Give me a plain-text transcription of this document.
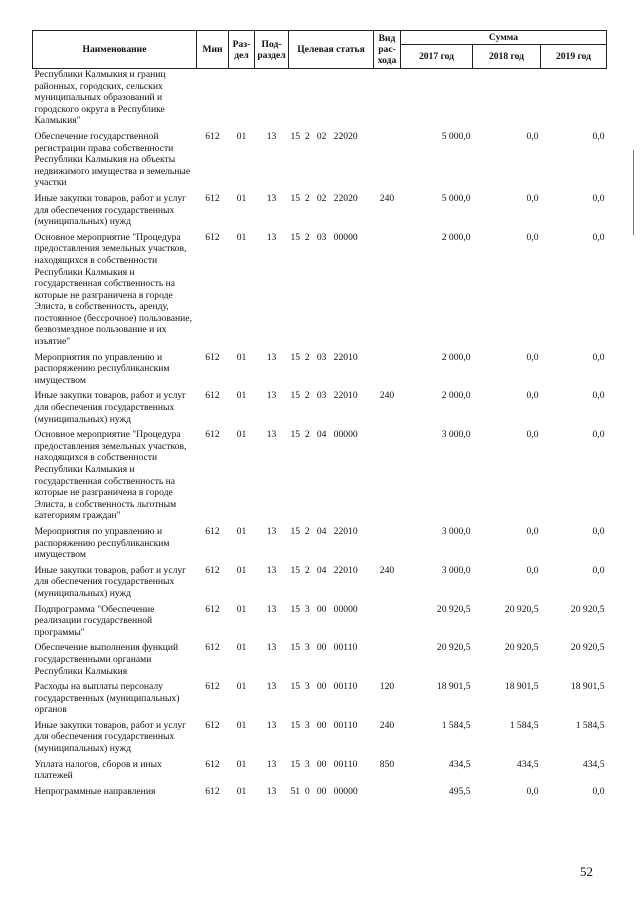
Наименование	Мин	Раз-дел	Под-раздел	Целевая статья	Вид рас-хода	Сумма		
						2017 год	2018 год	2019 год
Республики Калмыкия и границ районных, городских, сельских муниципальных образований и городского округа в Республике Калмыкия"								
Обеспечение государственной регистрации права собственности Республики Калмыкия на объекты недвижимого имущества и земельные участки	612	01	13	15  2   02   22020		5 000,0	0,0	0,0
Иные закупки товаров, работ и услуг для обеспечения государственных (муниципальных) нужд	612	01	13	15  2   02   22020	240	5 000,0	0,0	0,0
Основное мероприятие "Процедура предоставления земельных участков, находящихся в собственности Республики Калмыкия и государственная собственность на которые не разграничена в городе Элиста, в собственность, аренду, постоянное (бессрочное) пользование, безвозмездное пользование и их изъятие"	612	01	13	15  2   03   00000		2 000,0	0,0	0,0
Мероприятия по управлению и распоряжению республиканским имуществом	612	01	13	15  2   03   22010		2 000,0	0,0	0,0
Иные закупки товаров, работ и услуг для обеспечения государственных (муниципальных) нужд	612	01	13	15  2   03   22010	240	2 000,0	0,0	0,0
Основное мероприятие "Процедура предоставления земельных участков, находящихся в собственности Республики Калмыкия и государственная собственность на которые не разграничена в городе Элиста, в собственность льготным категориям граждан"	612	01	13	15  2   04   00000		3 000,0	0,0	0,0
Мероприятия по управлению и распоряжению республиканским имуществом	612	01	13	15  2   04   22010		3 000,0	0,0	0,0
Иные закупки товаров, работ и услуг для обеспечения государственных (муниципальных) нужд	612	01	13	15  2   04   22010	240	3 000,0	0,0	0,0
Подпрограмма "Обеспечение реализации государственной программы"	612	01	13	15  3   00   00000		20 920,5	20 920,5	20 920,5
Обеспечение выполнения функций государственными органами Республики Калмыкия	612	01	13	15  3   00   00110		20 920,5	20 920,5	20 920,5
Расходы на выплаты персоналу государственных (муниципальных) органов	612	01	13	15  3   00   00110	120	18 901,5	18 901,5	18 901,5
Иные закупки товаров, работ и услуг для обеспечения государственных (муниципальных) нужд	612	01	13	15  3   00   00110	240	1 584,5	1 584,5	1 584,5
Уплата налогов, сборов и иных платежей	612	01	13	15  3   00   00110	850	434,5	434,5	434,5
Непрограммные направления	612	01	13	51  0   00   00000		495,5	0,0	0,0
52
